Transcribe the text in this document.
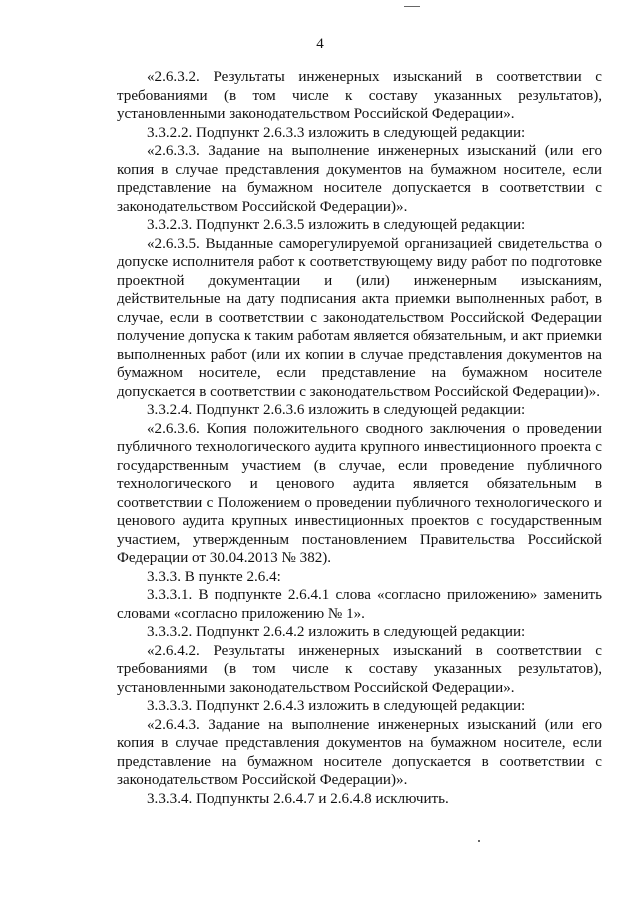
4

«2.6.3.2. Результаты инженерных изысканий в соответствии с требованиями (в том числе к составу указанных результатов), установленными законодательством Российской Федерации».

3.3.2.2. Подпункт 2.6.3.3 изложить в следующей редакции:

«2.6.3.3. Задание на выполнение инженерных изысканий (или его копия в случае представления документов на бумажном носителе, если представление на бумажном носителе допускается в соответствии с законодательством Российской Федерации)».

3.3.2.3. Подпункт 2.6.3.5 изложить в следующей редакции:

«2.6.3.5. Выданные саморегулируемой организацией свидетельства о допуске исполнителя работ к соответствующему виду работ по подготовке проектной документации и (или) инженерным изысканиям, действительные на дату подписания акта приемки выполненных работ, в случае, если в соответствии с законодательством Российской Федерации получение допуска к таким работам является обязательным, и акт приемки выполненных работ (или их копии в случае представления документов на бумажном носителе, если представление на бумажном носителе допускается в соответствии с законодательством Российской Федерации)».

3.3.2.4. Подпункт 2.6.3.6 изложить в следующей редакции:

«2.6.3.6. Копия положительного сводного заключения о проведении публичного технологического аудита крупного инвестиционного проекта с государственным участием (в случае, если проведение публичного технологического и ценового аудита является обязательным в соответствии с Положением о проведении публичного технологического и ценового аудита крупных инвестиционных проектов с государственным участием, утвержденным постановлением Правительства Российской Федерации от 30.04.2013 № 382).

3.3.3. В пункте 2.6.4:

3.3.3.1. В подпункте 2.6.4.1 слова «согласно приложению» заменить словами «согласно приложению № 1».

3.3.3.2. Подпункт 2.6.4.2 изложить в следующей редакции:

«2.6.4.2. Результаты инженерных изысканий в соответствии с требованиями (в том числе к составу указанных результатов), установленными законодательством Российской Федерации».

3.3.3.3. Подпункт 2.6.4.3 изложить в следующей редакции:

«2.6.4.3. Задание на выполнение инженерных изысканий (или его копия в случае представления документов на бумажном носителе, если представление на бумажном носителе допускается в соответствии с законодательством Российской Федерации)».

3.3.3.4. Подпункты 2.6.4.7 и 2.6.4.8 исключить.
